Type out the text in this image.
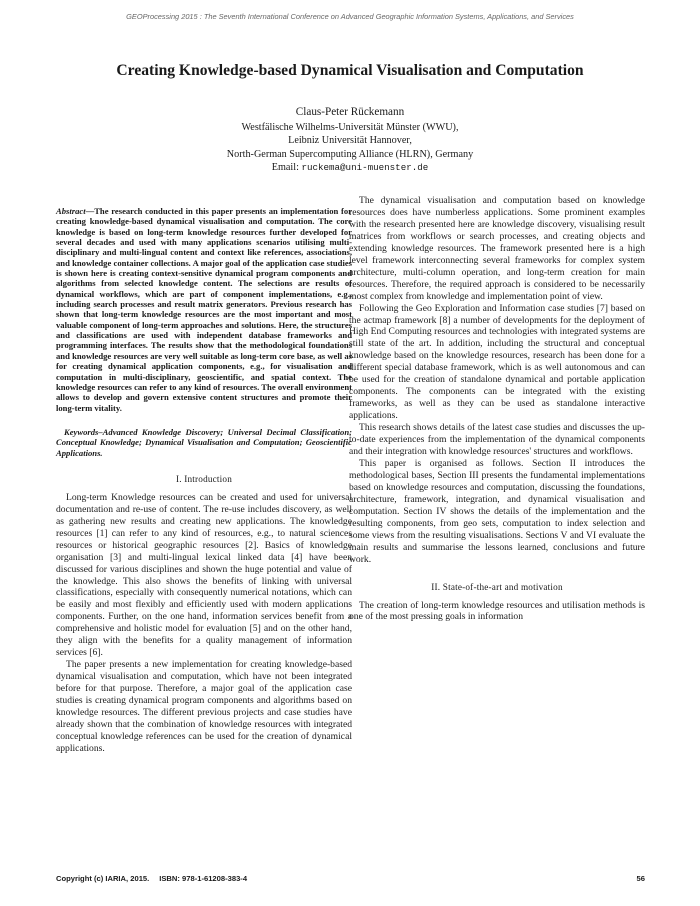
GEOProcessing 2015 : The Seventh International Conference on Advanced Geographic Information Systems, Applications, and Services
Creating Knowledge-based Dynamical Visualisation and Computation
Claus-Peter Rückemann
Westfälische Wilhelms-Universität Münster (WWU),
Leibniz Universität Hannover,
North-German Supercomputing Alliance (HLRN), Germany
Email: ruckema@uni-muenster.de

Abstract—The research conducted in this paper presents an implementation for creating knowledge-based dynamical visualisation and computation. The core knowledge is based on long-term knowledge resources further developed for several decades and used with many applications scenarios utilising multi-disciplinary and multi-lingual content and context like references, associations, and knowledge container collections. A major goal of the application case studies is shown here is creating context-sensitive dynamical program components and algorithms from selected knowledge content. The selections are results of dynamical workflows, which are part of component implementations, e.g., including search processes and result matrix generators. Previous research has shown that long-term knowledge resources are the most important and most valuable component of long-term approaches and solutions. Here, the structures and classifications are used with independent database frameworks and programming interfaces. The results show that the methodological foundations and knowledge resources are very well suitable as long-term core base, as well as for creating dynamical application components, e.g., for visualisation and computation in multi-disciplinary, geoscientific, and spatial context. The knowledge resources can refer to any kind of resources. The overall environment allows to develop and govern extensive content structures and promote their long-term vitality.

Keywords–Advanced Knowledge Discovery; Universal Decimal Classification; Conceptual Knowledge; Dynamical Visualisation and Computation; Geoscientific Applications.

I. Introduction

Long-term Knowledge resources can be created and used for universal documentation and re-use of content. The re-use includes discovery, as well as gathering new results and creating new applications. The knowledge resources [1] can refer to any kind of resources, e.g., to natural sciences resources or historical geographic resources [2]. Basics of knowledge organisation [3] and multi-lingual lexical linked data [4] have been discussed for various disciplines and shown the huge potential and value of the knowledge. This also shows the benefits of linking with universal classifications, especially with consequently numerical notations, which can be easily and most flexibly and efficiently used with modern applications components. Further, on the one hand, information services benefit from a comprehensive and holistic model for evaluation [5] and on the other hand, they align with the benefits for a quality management of information services [6].

The paper presents a new implementation for creating knowledge-based dynamical visualisation and computation, which have not been integrated before for that purpose. Therefore, a major goal of the application case studies is creating dynamical program components and algorithms based on knowledge resources. The different previous projects and case studies have already shown that the combination of knowledge resources with integrated conceptual knowledge references can be used for the creation of dynamical applications.

The dynamical visualisation and computation based on knowledge resources does have numberless applications. Some prominent examples with the research presented here are knowledge discovery, visualising result matrices from workflows or search processes, and creating objects and extending knowledge resources. The framework presented here is a high level framework interconnecting several frameworks for complex system architecture, multi-column operation, and long-term creation for main resources. Therefore, the required approach is considered to be necessarily most complex from knowledge and implementation point of view.

Following the Geo Exploration and Information case studies [7] based on the actmap framework [8] a number of developments for the deployment of High End Computing resources and technologies with integrated systems are still state of the art. In addition, including the structural and conceptual knowledge based on the knowledge resources, research has been done for a different special database framework, which is as well autonomous and can be used for the creation of standalone dynamical and portable application components. The components can be integrated with the existing frameworks, as well as they can be used as standalone interactive applications.

This research shows details of the latest case studies and discusses the up-to-date experiences from the implementation of the dynamical components and their integration with knowledge resources' structures and workflows.

This paper is organised as follows. Section II introduces the methodological bases, Section III presents the fundamental implementations based on knowledge resources and computation, discussing the foundations, architecture, framework, integration, and dynamical visualisation and computation. Section IV shows the details of the implementation and the resulting components, from geo sets, computation to index selection and some views from the resulting visualisations. Sections V and VI evaluate the main results and summarise the lessons learned, conclusions and future work.

II. State-of-the-art and motivation

The creation of long-term knowledge resources and utilisation methods is one of the most pressing goals in information

Copyright (c) IARIA, 2015. ISBN: 978-1-61208-383-4	56
